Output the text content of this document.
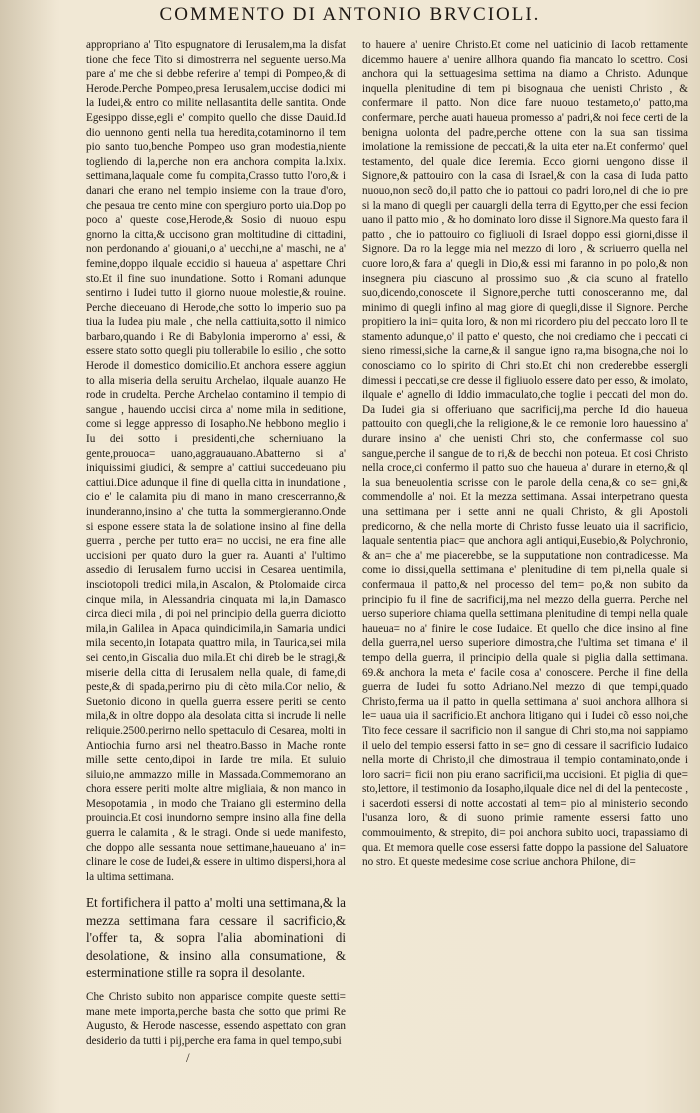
COMMENTO DI ANTONIO BRVCIOLI.

appropriano a' Tito espugnatore di Ierusalem,ma la disfat tione che fece Tito si dimostrerra nel seguente uerso.Ma pare a' me che si debbe referire a' tempi di Pompeo,& di Herode.Perche Pompeo,presa Ierusalem,uccise dodici mi la Iudei,& entro co milite nellasantita delle santita. Onde Egesippo disse,egli e' compito quello che disse Dauid.Id dio uennono genti nella tua heredita,cotaminorno il tem pio santo tuo,benche Pompeo uso gran modestia,niente togliendo di la,perche non era anchora compita la.lxix. settimana,laquale come fu compita,Crasso tutto l'oro,& i danari che erano nel tempio insieme con la traue d'oro, che pesaua tre cento mine con spergiuro porto uia.Dop po poco a' queste cose,Herode,& Sosio di nuouo espu gnorno la citta,& uccisono gran moltitudine di cittadini, non perdonando a' giouani,o a' uecchi,ne a' maschi, ne a' femine,doppo ilquale eccidio si haueua a' aspettare Chri sto.Et il fine suo inundatione. Sotto i Romani adunque sentirno i Iudei tutto il giorno nuoue molestie,& rouine. Perche dieceuano di Herode,che sotto lo imperio suo pa tiua la Iudea piu male , che nella cattiuita,sotto il nimico barbaro,quando i Re di Babylonia imperorno a' essi, & essere stato sotto quegli piu tollerabile lo esilio , che sotto Herode il domestico domicilio.Et anchora essere aggiun to alla miseria della seruitu Archelao, ilquale auanzo He rode in crudelta. Perche Archelao contamino il tempio di sangue , hauendo uccisi circa a' nome mila in seditione, come si legge appresso di Iosapho.Ne hebbono meglio i Iu dei sotto i presidenti,che scherniuano la gente,prouoca= uano,aggrauauano.Abatterno si a' iniquissimi giudici, & sempre a' cattiui succedeuano piu cattiui.Dice adunque il fine di quella citta in inundatione , cio e' le calamita piu di mano in mano crescerranno,& inunderanno,insino a' che tutta la sommergieranno.Onde si espone essere stata la de solatione insino al fine della guerra , perche per tutto era= no uccisi, ne era fine alle uccisioni per quato duro la guer ra. Auanti a' l'ultimo assedio di Ierusalem furno uccisi in Cesarea uentimila, insciotopoli tredici mila,in Ascalon, & Ptolomaide circa cinque mila, in Alessandria cinquata mi la,in Damasco circa dieci mila , di poi nel principio della guerra diciotto mila,in Galilea in Apaca quindicimila,in Samaria undici mila secento,in Iotapata quattro mila, in Taurica,sei mila sei cento,in Giscalia duo mila.Et chi direb be le stragi,& miserie della citta di Ierusalem nella quale, di fame,di peste,& di spada,perirno piu di cèto mila.Cor nelio, & Suetonio dicono in quella guerra essere periti se cento mila,& in oltre doppo ala desolata citta si incrude li nelle reliquie.2500.perirno nello spettaculo di Cesarea, molti in Antiochia furno arsi nel theatro.Basso in Mache ronte mille sette cento,dipoi in Iarde tre mila. Et suluio siluio,ne ammazzo mille in Massada.Commemorano an chora essere periti molte altre migliaia, & non manco in Mesopotamia , in modo che Traiano gli estermino della prouincia.Et cosi inundorno sempre insino alla fine della guerra le calamita , & le stragi. Onde si uede manifesto, che doppo alle sessanta noue settimane,haueuano a' in= clinare le cose de Iudei,& essere in ultimo dispersi,hora al la ultima settimana.

Et fortifichera il patto a' molti una settimana,& la mezza settimana fara cessare il sacrificio,& l'offer ta, & sopra l'alia abominationi di desolatione, & insino alla consumatione, & esterminatione stille ra sopra il desolante.

Che Christo subito non apparisce compite queste setti= mane mete importa,perche basta che sotto que primi Re Augusto, & Herode nascesse, essendo aspettato con gran desiderio da tutti i pij,perche era fama in quel tempo,subi

to hauere a' uenire Christo.Et come nel uaticinio di Iacob rettamente dicemmo hauere a' uenire allhora quando fia mancato lo scettro. Cosi anchora qui la settuagesima settima na diamo a Christo. Adunque inquella plenitudine di tem pi bisognaua che uenisti Christo , & confermare il patto. Non dice fare nuouo testameto,o' patto,ma confermare, perche auati haueua promesso a' padri,& noi fece certi de la benigna uolonta del padre,perche ottene con la sua san tissima imolatione la remissione de peccati,& la uita eter na.Et confermo' quel testamento, del quale dice Ieremia. Ecco giorni uengono disse il Signore,& pattouiro con la casa di Israel,& con la casa di Iuda patto nuouo,non secõ do,il patto che io pattoui co padri loro,nel di che io pre si la mano di quegli per cauargli della terra di Egytto,per che essi fecion uano il patto mio , & ho dominato loro disse il Signore.Ma questo fara il patto , che io pattouiro co figliuoli di Israel doppo essi giorni,disse il Signore. Da ro la legge mia nel mezzo di loro , & scriuerro quella nel cuore loro,& fara a' quegli in Dio,& essi mi faranno in po polo,& non insegnera piu ciascuno al prossimo suo ,& cia scuno al fratello suo,dicendo,conoscete il Signore,perche tutti conosceranno me, dal minimo di quegli infino al mag giore di quegli,disse il Signore. Perche propitiero la ini= quita loro, & non mi ricordero piu del peccato loro Il te stamento adunque,o' il patto e' questo, che noi crediamo che i peccati ci sieno rimessi,siche la carne,& il sangue igno ra,ma bisogna,che noi lo conosciamo co lo spirito di Chri sto.Et chi non crederebbe essergli dimessi i peccati,se cre desse il figliuolo essere dato per esso, & imolato, ilquale e' agnello di Iddio immaculato,che toglie i peccati del mon do. Da Iudei gia si offeriuano que sacrificij,ma perche Id dio haueua pattouito con quegli,che la religione,& le ce remonie loro hauessino a' durare insino a' che uenisti Chri sto, che confermasse col suo sangue,perche il sangue de to ri,& de becchi non poteua. Et cosi Christo nella croce,ci confermo il patto suo che haueua a' durare in eterno,& ql la sua beneuolentia scrisse con le parole della cena,& co se= gni,& commendolle a' noi. Et la mezza settimana. Assai interpetrano questa una settimana per i sette anni ne quali Christo, & gli Apostoli predicorno, & che nella morte di Christo fusse leuato uia il sacrificio, laquale sententia piac= que anchora agli antiqui,Eusebio,& Polychronio, & an= che a' me piacerebbe, se la supputatione non contradicesse. Ma come io dissi,quella settimana e' plenitudine di tem pi,nella quale si confermaua il patto,& nel processo del tem= po,& non subito da principio fu il fine de sacrificij,ma nel mezzo della guerra. Perche nel uerso superiore chiama quella settimana plenitudine di tempi nella quale haueua= no a' finire le cose Iudaice. Et quello che dice insino al fine della guerra,nel uerso superiore dimostra,che l'ultima set timana e' il tempo della guerra, il principio della quale si piglia dalla settimana. 69.& anchora la meta e' facile cosa a' conoscere. Perche il fine della guerra de Iudei fu sotto Adriano.Nel mezzo di que tempi,quado Christo,ferma ua il patto in quella settimana a' suoi anchora allhora si le= uaua uia il sacrificio.Et anchora litigano qui i Iudei cõ esso noi,che Tito fece cessare il sacrificio non il sangue di Chri sto,ma noi sappiamo il uelo del tempio essersi fatto in se= gno di cessare il sacrificio Iudaico nella morte di Christo,il che dimostraua il tempio contaminato,onde i loro sacri= ficii non piu erano sacrificii,ma uccisioni. Et piglia di que= sto,lettore, il testimonio da Iosapho,ilquale dice nel di del la pentecoste , i sacerdoti essersi di notte accostati al tem= pio al ministerio secondo l'usanza loro, & di suono primie ramente essersi fatto uno commouimento, & strepito, di= poi anchora subito uoci, trapassiamo di qua. Et memora quelle cose essersi fatte doppo la passione del Saluatore no stro. Et queste medesime cose scriue anchora Philone, di=

/
